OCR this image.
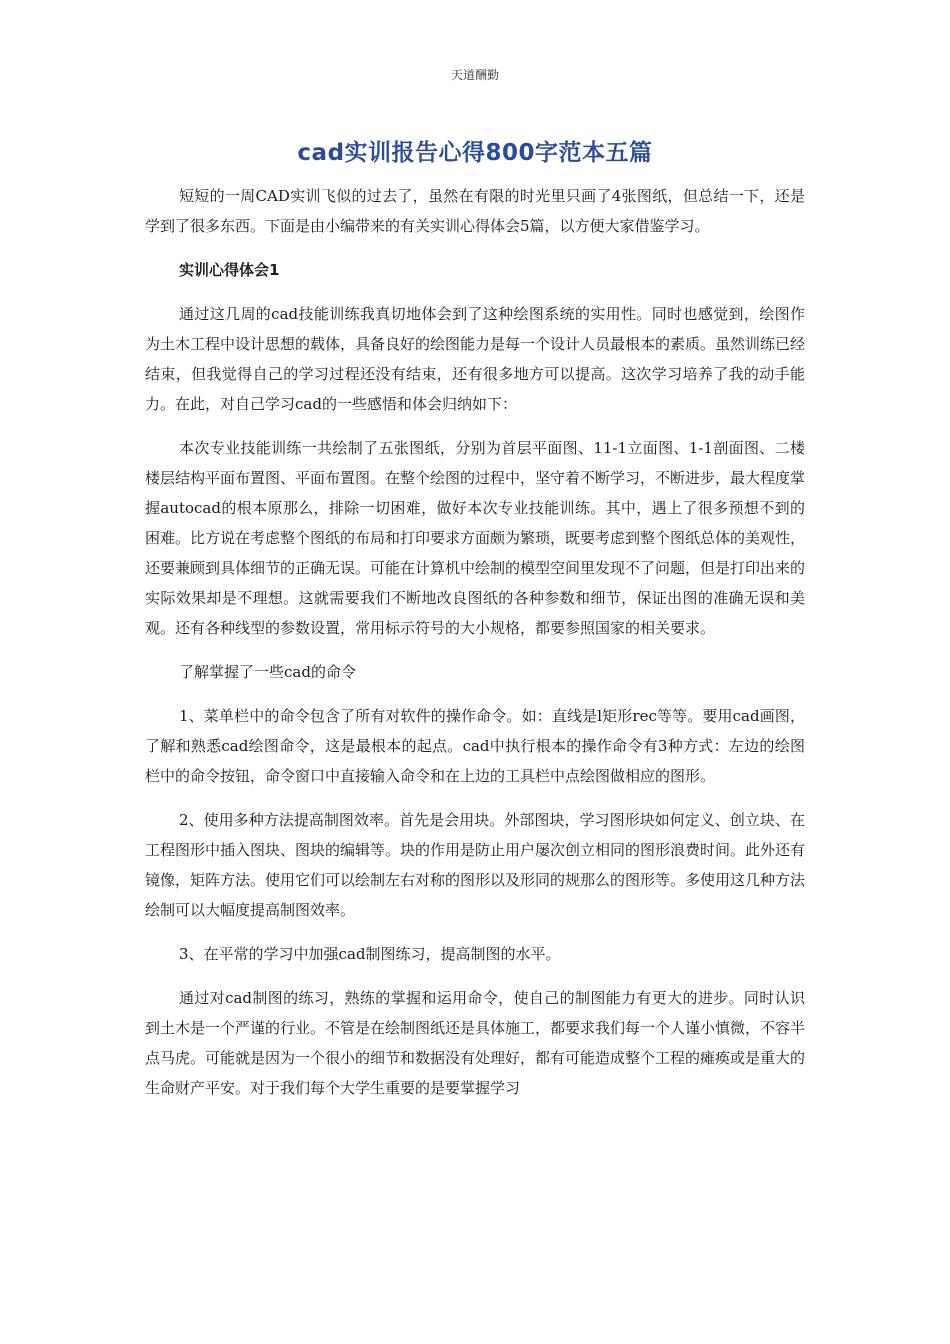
天道酬勤
cad实训报告心得800字范本五篇

短短的一周CAD实训飞似的过去了，虽然在有限的时光里只画了4张图纸，但总结一下，还是学到了很多东西。下面是由小编带来的有关实训心得体会5篇，以方便大家借鉴学习。

实训心得体会1

通过这几周的cad技能训练我真切地体会到了这种绘图系统的实用性。同时也感觉到，绘图作为土木工程中设计思想的载体，具备良好的绘图能力是每一个设计人员最根本的素质。虽然训练已经结束，但我觉得自己的学习过程还没有结束，还有很多地方可以提高。这次学习培养了我的动手能力。在此，对自己学习cad的一些感悟和体会归纳如下：

本次专业技能训练一共绘制了五张图纸，分别为首层平面图、11-1立面图、1-1剖面图、二楼楼层结构平面布置图、平面布置图。在整个绘图的过程中，坚守着不断学习，不断进步，最大程度掌握autocad的根本原那么，排除一切困难，做好本次专业技能训练。其中，遇上了很多预想不到的困难。比方说在考虑整个图纸的布局和打印要求方面颇为繁琐，既要考虑到整个图纸总体的美观性，还要兼顾到具体细节的正确无误。可能在计算机中绘制的模型空间里发现不了问题，但是打印出来的实际效果却是不理想。这就需要我们不断地改良图纸的各种参数和细节，保证出图的准确无误和美观。还有各种线型的参数设置，常用标示符号的大小规格，都要参照国家的相关要求。

了解掌握了一些cad的命令

1、菜单栏中的命令包含了所有对软件的操作命令。如：直线是l矩形rec等等。要用cad画图，了解和熟悉cad绘图命令，这是最根本的起点。cad中执行根本的操作命令有3种方式：左边的绘图栏中的命令按钮，命令窗口中直接输入命令和在上边的工具栏中点绘图做相应的图形。

2、使用多种方法提高制图效率。首先是会用块。外部图块，学习图形块如何定义、创立块、在工程图形中插入图块、图块的编辑等。块的作用是防止用户屡次创立相同的图形浪费时间。此外还有镜像，矩阵方法。使用它们可以绘制左右对称的图形以及形同的规那么的图形等。多使用这几种方法绘制可以大幅度提高制图效率。

3、在平常的学习中加强cad制图练习，提高制图的水平。

通过对cad制图的练习，熟练的掌握和运用命令，使自己的制图能力有更大的进步。同时认识到土木是一个严谨的行业。不管是在绘制图纸还是具体施工，都要求我们每一个人谨小慎微，不容半点马虎。可能就是因为一个很小的细节和数据没有处理好，都有可能造成整个工程的瘫痪或是重大的生命财产平安。对于我们每个大学生重要的是要掌握学习
